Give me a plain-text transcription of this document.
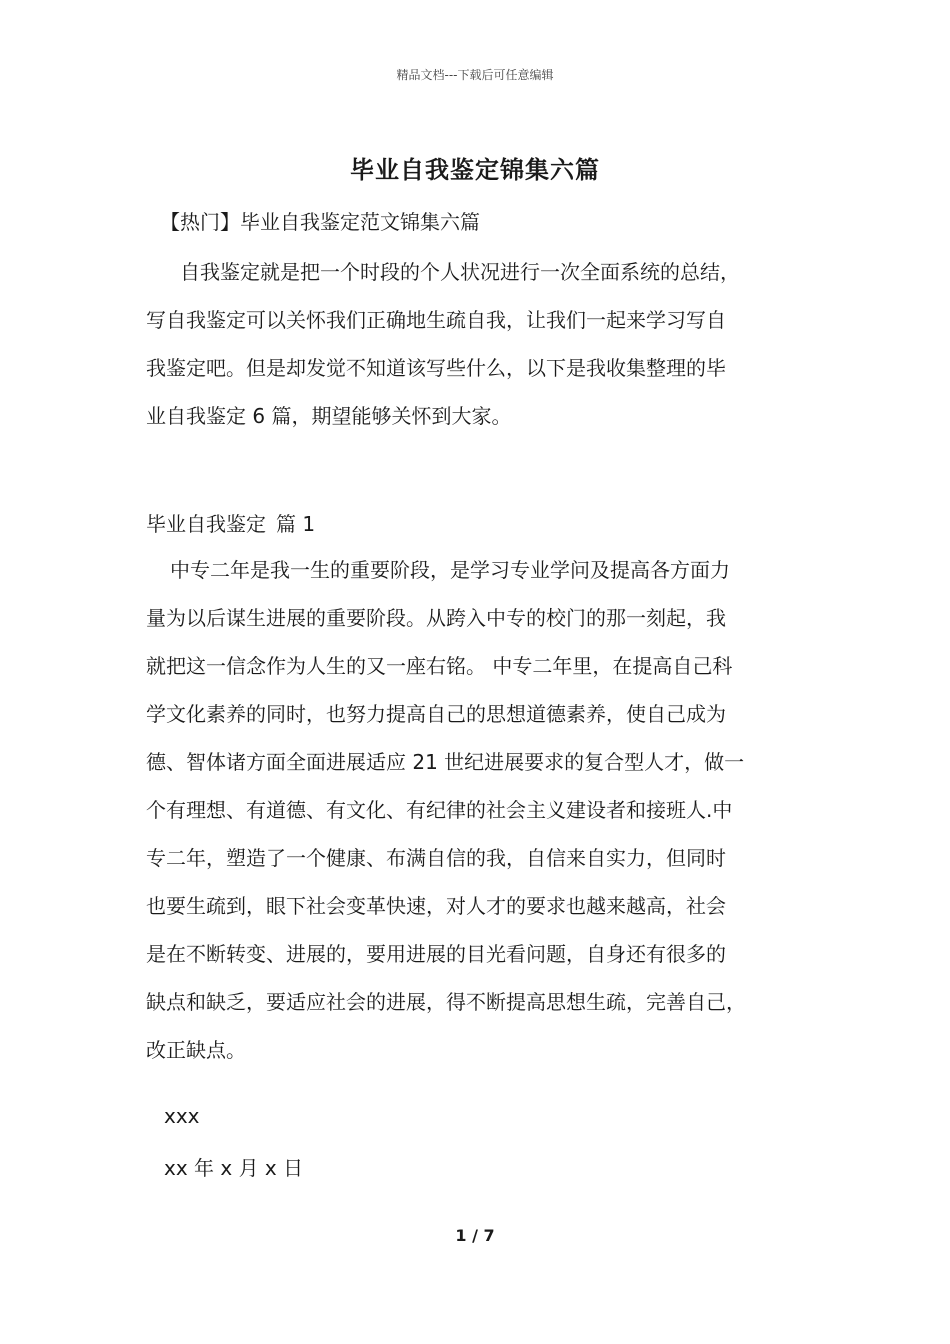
精品文档---下载后可任意编辑
毕业自我鉴定锦集六篇
【热门】毕业自我鉴定范文锦集六篇
自我鉴定就是把一个时段的个人状况进行一次全面系统的总结，
写自我鉴定可以关怀我们正确地生疏自我，让我们一起来学习写自
我鉴定吧。但是却发觉不知道该写些什么，以下是我收集整理的毕
业自我鉴定 6 篇，期望能够关怀到大家。
毕业自我鉴定 篇 1
中专二年是我一生的重要阶段，是学习专业学问及提高各方面力
量为以后谋生进展的重要阶段。从跨入中专的校门的那一刻起，我
就把这一信念作为人生的又一座右铭。 中专二年里，在提高自己科
学文化素养的同时，也努力提高自己的思想道德素养，使自己成为
德、智体诸方面全面进展适应 21 世纪进展要求的复合型人才，做一
个有理想、有道德、有文化、有纪律的社会主义建设者和接班人.中
专二年，塑造了一个健康、布满自信的我，自信来自实力，但同时
也要生疏到，眼下社会变革快速，对人才的要求也越来越高，社会
是在不断转变、进展的，要用进展的目光看问题，自身还有很多的
缺点和缺乏，要适应社会的进展，得不断提高思想生疏，完善自己，
改正缺点。
xxx
xx 年 x 月 x 日
1 / 7
